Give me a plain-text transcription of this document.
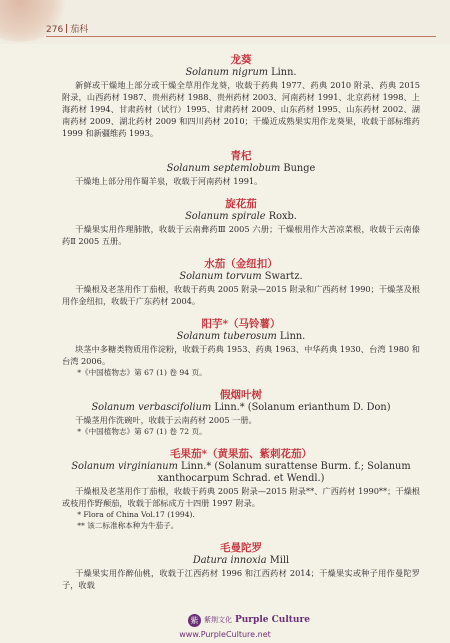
276 茄科
龙葵
Solanum nigrum Linn.
新鲜或干燥地上部分或干燥全草用作龙葵，收载于药典 1977、药典 2010 附录、药典 2015 附录，山西药材 1987、贵州药材 1988、贵州药材 2003、河南药材 1991、北京药材 1998、上海药材 1994、甘肃药材（试行）1995、甘肃药材 2009、山东药材 1995、山东药材 2002、湖南药材 2009、湖北药材 2009 和四川药材 2010；干燥近成熟果实用作龙葵果，收载于部标维药 1999 和新疆维药 1993。
青杞
Solanum septemlobum Bunge
干燥地上部分用作蜀羊泉，收载于河南药材 1991。
旋花茄
Solanum spirale Roxb.
干燥果实用作理肺散，收载于云南彝药Ⅲ 2005 六册；干燥根用作大苦凉菜根，收载于云南傣药Ⅱ 2005 五册。
水茄（金纽扣）
Solanum torvum Swartz.
干燥根及老茎用作丁茄根，收载于药典 2005 附录—2015 附录和广西药材 1990；干燥茎及根用作金纽扣，收载于广东药材 2004。
阳芋*（马铃薯）
Solanum tuberosum Linn.
块茎中多糖类物质用作淀粉，收载于药典 1953、药典 1963、中华药典 1930、台湾 1980 和台湾 2006。
*《中国植物志》第 67 (1) 卷 94 页。
假烟叶树
Solanum verbascifolium Linn.* (Solanum erianthum D. Don)
干燥茎用作洗碗叶，收载于云南药材 2005 一册。
*《中国植物志》第 67 (1) 卷 72 页。
毛果茄*（黄果茄、紫刺花茄）
Solanum virginianum Linn.* (Solanum surattense Burm. f.; Solanum xanthocarpum Schrad. et Wendl.)
干燥根及老茎用作丁茄根，收载于药典 2005 附录—2015 附录**、广西药材 1990**；干燥根或枝用作野颠茄，收载于部标成方十四册 1997 附录。
* Flora of China Vol.17 (1994).
** 该二标准称本种为牛茄子。
毛曼陀罗
Datura innoxia Mill
干燥果实用作醉仙桃，收载于江西药材 1996 和江西药材 2014；干燥果实或种子用作曼陀罗子，收载
紫 紫荆文化 Purple Culture
www.PurpleCulture.net
